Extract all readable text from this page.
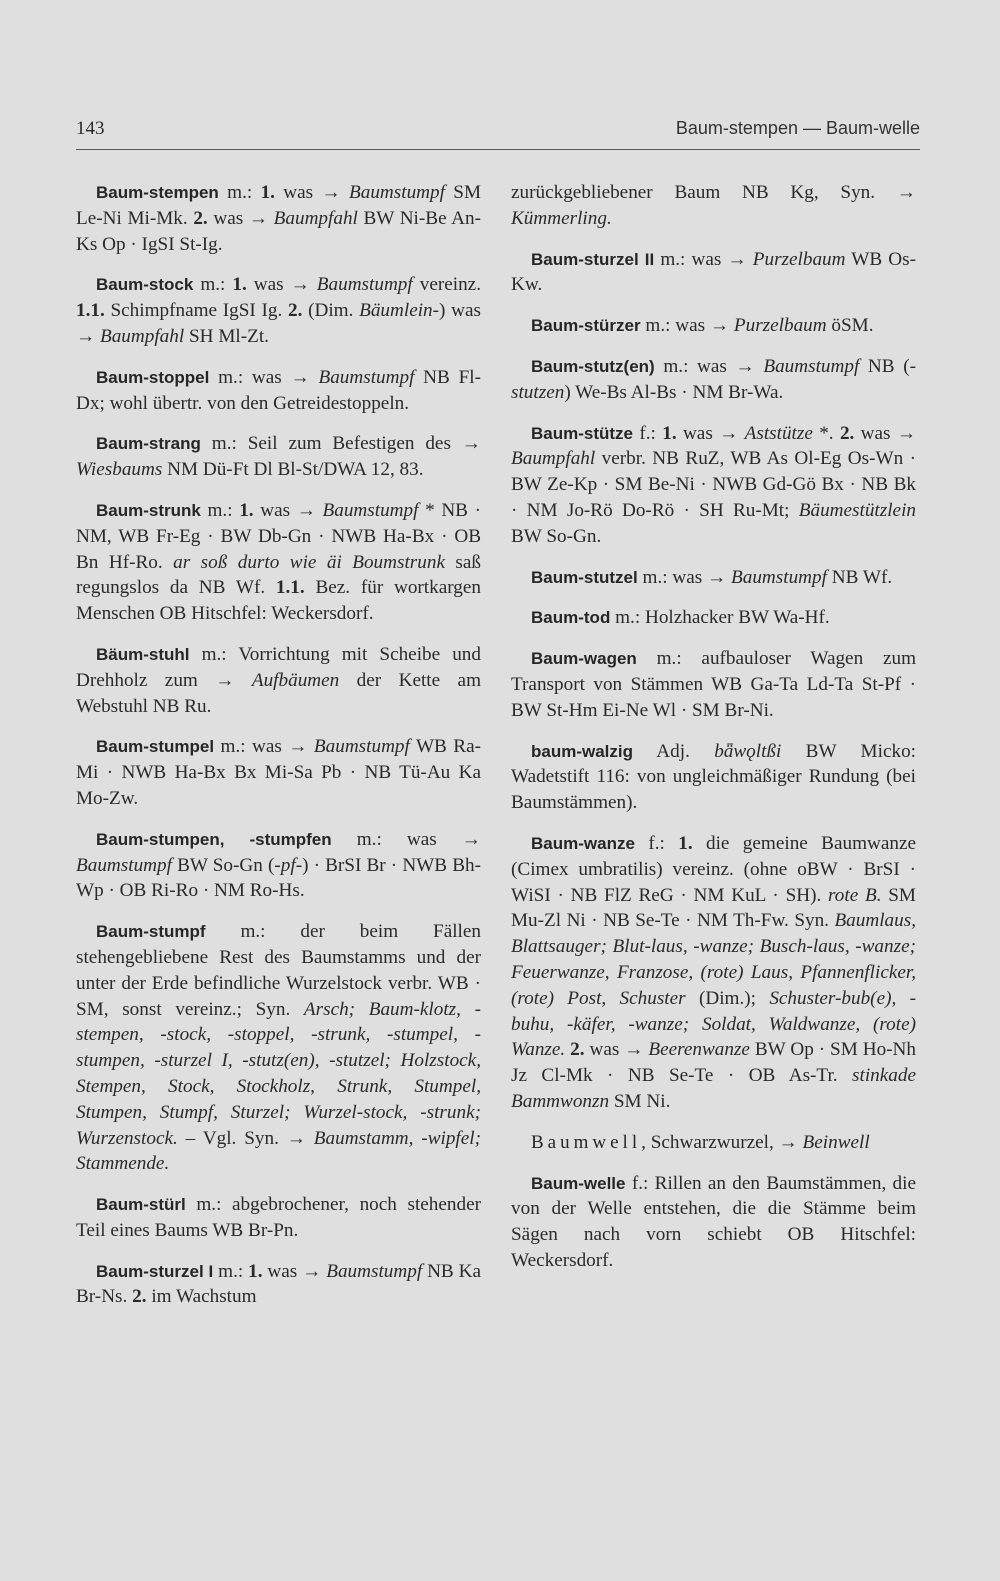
143	Baum-stempen — Baum-welle

Baum-stempen m.: 1. was → Baumstumpf SM Le-Ni Mi-Mk. 2. was → Baumpfahl BW Ni-Be An-Ks Op · IgSI St-Ig.

Baum-stock m.: 1. was → Baumstumpf vereinz. 1.1. Schimpfname IgSI Ig. 2. (Dim. Bäumlein-) was → Baumpfahl SH Ml-Zt.

Baum-stoppel m.: was → Baumstumpf NB Fl-Dx; wohl übertr. von den Getreidestoppeln.

Baum-strang m.: Seil zum Befestigen des → Wiesbaums NM Dü-Ft Dl Bl-St/DWA 12, 83.

Baum-strunk m.: 1. was → Baumstumpf * NB · NM, WB Fr-Eg · BW Db-Gn · NWB Ha-Bx · OB Bn Hf-Ro. ar soß durto wie äi Boumstrunk saß regungslos da NB Wf. 1.1. Bez. für wortkargen Menschen OB Hitschfel: Weckersdorf.

Bäum-stuhl m.: Vorrichtung mit Scheibe und Drehholz zum → Aufbäumen der Kette am Webstuhl NB Ru.

Baum-stumpel m.: was → Baumstumpf WB Ra-Mi · NWB Ha-Bx Bx Mi-Sa Pb · NB Tü-Au Ka Mo-Zw.

Baum-stumpen, -stumpfen m.: was → Baumstumpf BW So-Gn (-pf-) · BrSI Br · NWB Bh-Wp · OB Ri-Ro · NM Ro-Hs.

Baum-stumpf m.: der beim Fällen stehengebliebene Rest des Baumstamms und der unter der Erde befindliche Wurzelstock verbr. WB · SM, sonst vereinz.; Syn. Arsch; Baum-klotz, -stempen, -stock, -stoppel, -strunk, -stumpel, -stumpen, -sturzel I, -stutz(en), -stutzel; Holzstock, Stempen, Stock, Stockholz, Strunk, Stumpel, Stumpen, Stumpf, Sturzel; Wurzel-stock, -strunk; Wurzenstock. – Vgl. Syn. → Baumstamm, -wipfel; Stammende.

Baum-stürl m.: abgebrochener, noch stehender Teil eines Baums WB Br-Pn.

Baum-sturzel I m.: 1. was → Baumstumpf NB Ka Br-Ns. 2. im Wachstum

zurückgebliebener Baum NB Kg, Syn. → Kümmerling.

Baum-sturzel II m.: was → Purzelbaum WB Os-Kw.

Baum-stürzer m.: was → Purzelbaum öSM.

Baum-stutz(en) m.: was → Baumstumpf NB (-stutzen) We-Bs Al-Bs · NM Br-Wa.

Baum-stütze f.: 1. was → Aststütze *. 2. was → Baumpfahl verbr. NB RuZ, WB As Ol-Eg Os-Wn · BW Ze-Kp · SM Be-Ni · NWB Gd-Gö Bx · NB Bk · NM Jo-Rö Do-Rö · SH Ru-Mt; Bäumestützlein BW So-Gn.

Baum-stutzel m.: was → Baumstumpf NB Wf.

Baum-tod m.: Holzhacker BW Wa-Hf.

Baum-wagen m.: aufbauloser Wagen zum Transport von Stämmen WB Ga-Ta Ld-Ta St-Pf · BW St-Hm Ei-Ne Wl · SM Br-Ni.

baum-walzig Adj. bǟwǫltßi BW Micko: Wadetstift 116: von ungleichmäßiger Rundung (bei Baumstämmen).

Baum-wanze f.: 1. die gemeine Baumwanze (Cimex umbratilis) vereinz. (ohne oBW · BrSI · WiSI · NB FlZ ReG · NM KuL · SH). rote B. SM Mu-Zl Ni · NB Se-Te · NM Th-Fw. Syn. Baumlaus, Blattsauger; Blut-laus, -wanze; Busch-laus, -wanze; Feuerwanze, Franzose, (rote) Laus, Pfannenflicker, (rote) Post, Schuster (Dim.); Schuster-bub(e), -buhu, -käfer, -wanze; Soldat, Waldwanze, (rote) Wanze. 2. was → Beerenwanze BW Op · SM Ho-Nh Jz Cl-Mk · NB Se-Te · OB As-Tr. stinkade Bammwonzn SM Ni.

Baumwell, Schwarzwurzel, → Beinwell

Baum-welle f.: Rillen an den Baumstämmen, die von der Welle entstehen, die die Stämme beim Sägen nach vorn schiebt OB Hitschfel: Weckersdorf.
